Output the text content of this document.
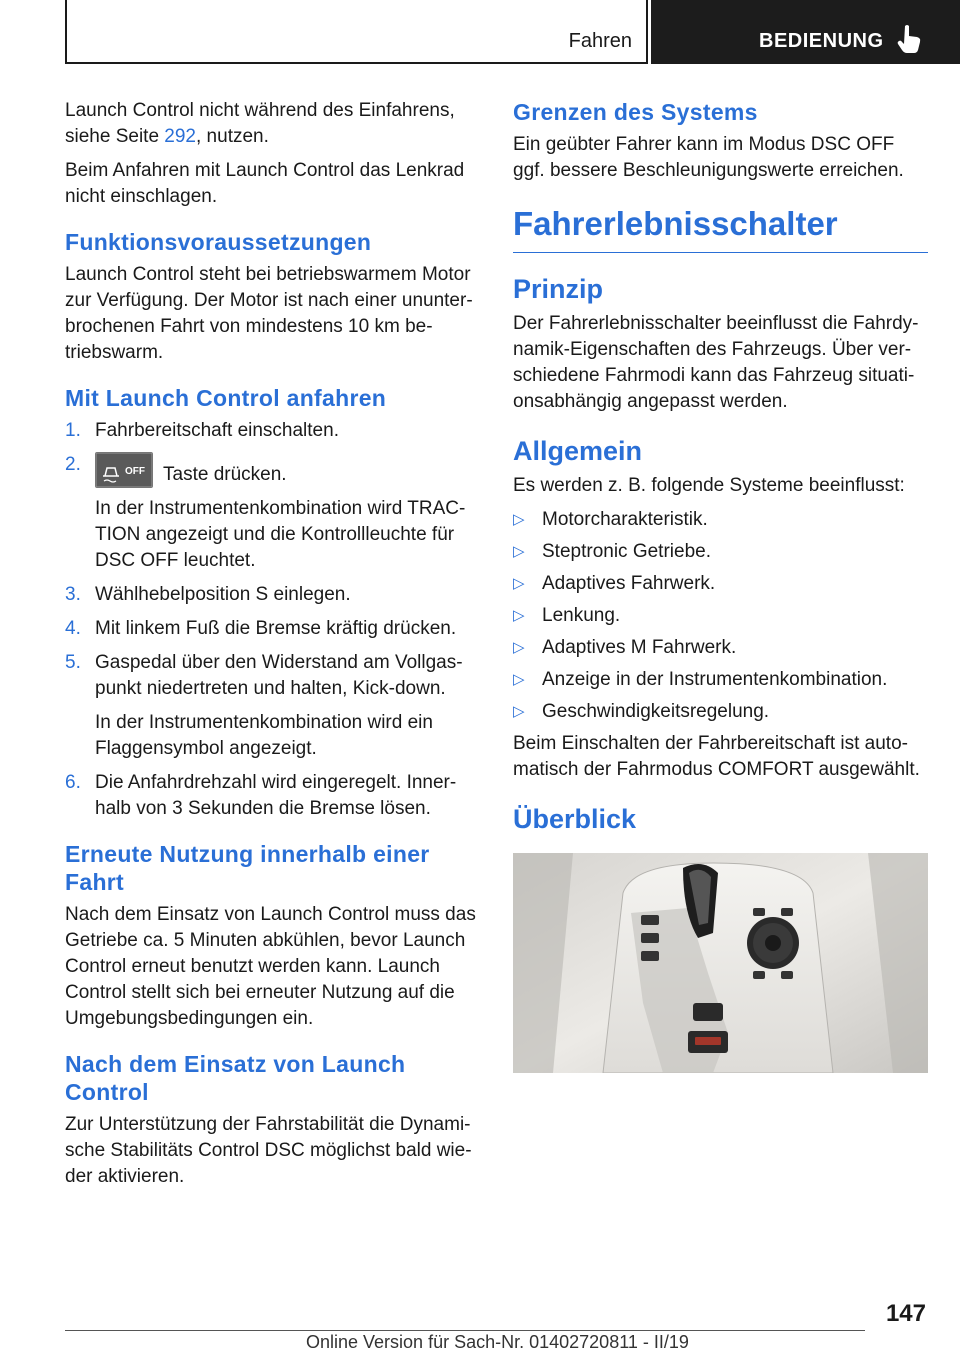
Fahren	BEDIENUNG

Launch Control nicht während des Einfahrens, siehe Seite 292, nutzen.

Beim Anfahren mit Launch Control das Lenkrad nicht einschlagen.

Funktionsvoraussetzungen

Launch Control steht bei betriebswarmem Motor zur Verfügung. Der Motor ist nach einer ununter- brochenen Fahrt von mindestens 10 km be- triebswarm.

Mit Launch Control anfahren
1. Fahrbereitschaft einschalten.
2.	OFF Taste drücken.
In der Instrumentenkombination wird TRAC- TION angezeigt und die Kontrollleuchte für DSC OFF leuchtet.
3. Wählhebelposition S einlegen.
4. Mit linkem Fuß die Bremse kräftig drücken.
5. Gaspedal über den Widerstand am Vollgas- punkt niedertreten und halten, Kick-down.
In der Instrumentenkombination wird ein Flaggensymbol angezeigt.
6. Die Anfahrdrehzahl wird eingeregelt. Inner- halb von 3 Sekunden die Bremse lösen.
Erneute Nutzung innerhalb einer Fahrt

Nach dem Einsatz von Launch Control muss das Getriebe ca. 5 Minuten abkühlen, bevor Launch Control erneut benutzt werden kann. Launch Control stellt sich bei erneuter Nutzung auf die Umgebungsbedingungen ein.

Nach dem Einsatz von Launch Control

Zur Unterstützung der Fahrstabilität die Dynami- sche Stabilitäts Control DSC möglichst bald wie- der aktivieren.

Grenzen des Systems

Ein geübter Fahrer kann im Modus DSC OFF ggf. bessere Beschleunigungswerte erreichen.

Fahrerlebnisschalter
Prinzip

Der Fahrerlebnisschalter beeinflusst die Fahrdy- namik-Eigenschaften des Fahrzeugs. Über ver- schiedene Fahrmodi kann das Fahrzeug situati- onsabhängig angepasst werden.

Allgemein

Es werden z. B. folgende Systeme beeinflusst:

▷ Motorcharakteristik.
▷ Steptronic Getriebe.
▷ Adaptives Fahrwerk.
▷ Lenkung.
▷ Adaptives M Fahrwerk.
▷ Anzeige in der Instrumentenkombination.
▷ Geschwindigkeitsregelung.

Beim Einschalten der Fahrbereitschaft ist auto- matisch der Fahrmodus COMFORT ausgewählt.

Überblick
147
Online Version für Sach-Nr. 01402720811 - II/19
